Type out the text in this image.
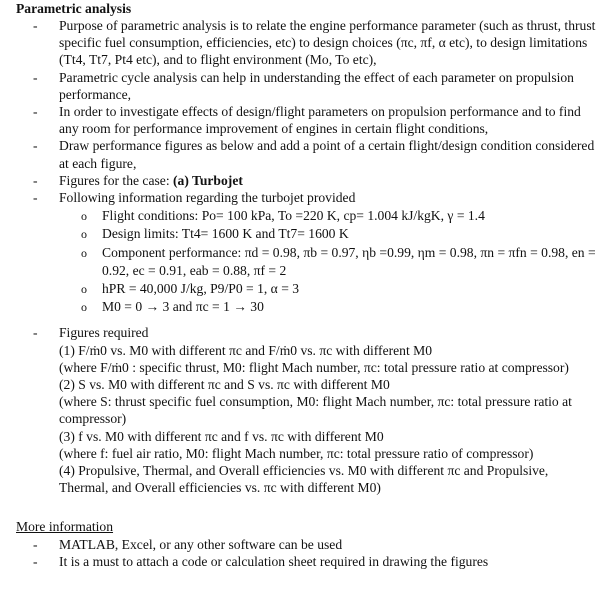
Parametric analysis

- Purpose of parametric analysis is to relate the engine performance parameter (such as thrust, thrust specific fuel consumption, efficiencies, etc) to design choices (πc, πf, α etc), to design limitations (Tt4, Tt7, Pt4 etc), and to flight environment (Mo, To etc),
- Parametric cycle analysis can help in understanding the effect of each parameter on propulsion performance,
- In order to investigate effects of design/flight parameters on propulsion performance and to find any room for performance improvement of engines in certain flight conditions,
- Draw performance figures as below and add a point of a certain flight/design condition considered at each figure,
- Figures for the case: (a) Turbojet
- Following information regarding the turbojet provided
o Flight conditions: Po= 100 kPa, To =220 K, cp= 1.004 kJ/kgK, γ = 1.4
o Design limits: Tt4= 1600 K and Tt7= 1600 K
o Component performance: πd = 0.98, πb = 0.97, ηb =0.99, ηm = 0.98, πn = πfn = 0.98, en = 0.92, ec = 0.91, eab = 0.88, πf = 2
o hPR = 40,000 J/kg, P9/P0 = 1, α = 3
o M0 = 0 → 3 and πc = 1 → 30
- Figures required
(1) F/ṁ0 vs. M0 with different πc and F/ṁ0 vs. πc with different M0
(where F/ṁ0 : specific thrust, M0: flight Mach number, πc: total pressure ratio at compressor)
(2) S vs. M0 with different πc and S vs. πc with different M0
(where S: thrust specific fuel consumption, M0: flight Mach number, πc: total pressure ratio at compressor)
(3) f vs. M0 with different πc and f vs. πc with different M0
(where f: fuel air ratio, M0: flight Mach number, πc: total pressure ratio of compressor)
(4) Propulsive, Thermal, and Overall efficiencies vs. M0 with different πc and Propulsive, Thermal, and Overall efficiencies vs. πc with different M0)
More information
- MATLAB, Excel, or any other software can be used
- It is a must to attach a code or calculation sheet required in drawing the figures
